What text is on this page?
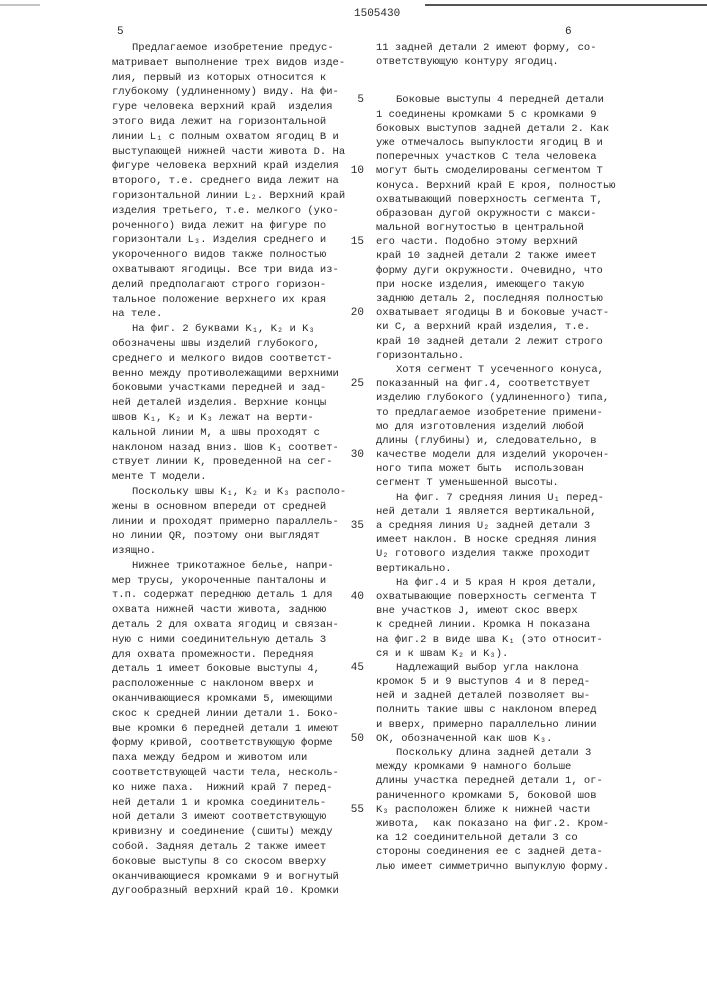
5
1505430
6
Предлагаемое изобретение предус-
матривает выполнение трех видов изде-
лия, первый из которых относится к
глубокому (удлиненному) виду. На фи-
гуре человека верхний край  изделия
этого вида лежит на горизонтальной
линии L₁ с полным охватом ягодиц В и
выступающей нижней части живота D. На
фигуре человека верхний край изделия
второго, т.е. среднего вида лежит на
горизонтальной линии L₂. Верхний край
изделия третьего, т.е. мелкого (уко-
роченного) вида лежит на фигуре по
горизонтали L₃. Изделия среднего и
укороченного видов также полностью
охватывают ягодицы. Все три вида из-
делий предполагают строго горизон-
тальное положение верхнего их края
на теле.
На фиг. 2 буквами K₁, K₂ и K₃
обозначены швы изделий глубокого,
среднего и мелкого видов соответст-
венно между противолежащими верхними
боковыми участками передней и зад-
ней деталей изделия. Верхние концы
швов K₁, K₂ и K₃ лежат на верти-
кальной линии M, а швы проходят с
наклоном назад вниз. Шов K₁ соответ-
ствует линии K, проведенной на сег-
менте T модели.
Поскольку швы K₁, K₂ и K₃ располо-
жены в основном впереди от средней
линии и проходят примерно параллель-
но линии QR, поэтому они выглядят
изящно.
Нижнее трикотажное белье, напри-
мер трусы, укороченные панталоны и
т.п. содержат переднюю деталь 1 для
охвата нижней части живота, заднюю
деталь 2 для охвата ягодиц и связан-
ную с ними соединительную деталь 3
для охвата промежности. Передняя
деталь 1 имеет боковые выступы 4,
расположенные с наклоном вверх и
оканчивающиеся кромками 5, имеющими
скос к средней линии детали 1. Боко-
вые кромки 6 передней детали 1 имеют
форму кривой, соответствующую форме
паха между бедром и животом или
соответствующей части тела, несколь-
ко ниже паха.  Нижний край 7 перед-
ней детали 1 и кромка соединитель-
ной детали 3 имеют соответствующую
кривизну и соединение (сшиты) между
собой. Задняя деталь 2 также имеет
боковые выступы 8 со скосом вверху
оканчивающиеся кромками 9 и вогнутый
дугообразный верхний край 10. Кромки
11 задней детали 2 имеют форму, со-
ответствующую контуру ягодиц.
5	Боковые выступы 4 передней детали
1 соединены кромками 5 с кромками 9
боковых выступов задней детали 2. Как
уже отмечалось выпуклости ягодиц В и
поперечных участков С тела человека
10 могут быть смоделированы сегментом T
конуса. Верхний край Е кроя, полностью
охватывающий поверхность сегмента T,
образован дугой окружности с макси-
мальной вогнутостью в центральной
15 его части. Подобно этому верхний
край 10 задней детали 2 также имеет
форму дуги окружности. Очевидно, что
при носке изделия, имеющего такую
заднюю деталь 2, последняя полностью
20 охватывает ягодицы В и боковые участ-
ки С, а верхний край изделия, т.е.
край 10 задней детали 2 лежит строго
горизонтально.
Хотя сегмент T усеченного конуса,
25 показанный на фиг.4, соответствует
изделию глубокого (удлиненного) типа,
то предлагаемое изобретение примени-
мо для изготовления изделий любой
длины (глубины) и, следовательно, в
30 качестве модели для изделий укорочен-
ного типа может быть  использован
сегмент T уменьшенной высоты.
На фиг. 7 средняя линия U₁ перед-
ней детали 1 является вертикальной,
35 а средняя линия U₂ задней детали 3
имеет наклон. В носке средняя линия
U₂ готового изделия также проходит
вертикально.
На фиг.4 и 5 края H кроя детали,
40 охватывающие поверхность сегмента T
вне участков J, имеют скос вверх
к средней линии. Кромка H показана
на фиг.2 в виде шва K₁ (это относит-
ся и к швам K₂ и K₃).
45	Надлежащий выбор угла наклона
кромок 5 и 9 выступов 4 и 8 перед-
ней и задней деталей позволяет вы-
полнить такие швы с наклоном вперед
и вверх, примерно параллельно линии
50 ОК, обозначенной как шов K₃.
Поскольку длина задней детали 3
между кромками 9 намного больше
длины участка передней детали 1, ог-
раниченного кромками 5, боковой шов
55 K₃ расположен ближе к нижней части
живота,  как показано на фиг.2. Кром-
ка 12 соединительной детали 3 со
стороны соединения ее с задней дета-
лью имеет симметрично выпуклую форму.
